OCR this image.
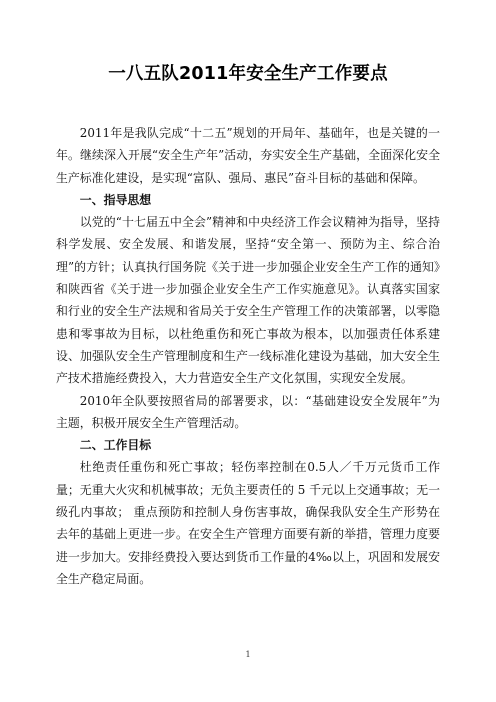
一八五队2011年安全生产工作要点

2011年是我队完成“十二五”规划的开局年、基础年，也是关键的一年。继续深入开展“安全生产年”活动，夯实安全生产基础，全面深化安全生产标准化建设，是实现“富队、强局、惠民”奋斗目标的基础和保障。

一、指导思想

以党的“十七届五中全会”精神和中央经济工作会议精神为指导，坚持科学发展、安全发展、和谐发展，坚持“安全第一、预防为主、综合治理”的方针；认真执行国务院《关于进一步加强企业安全生产工作的通知》和陕西省《关于进一步加强企业安全生产工作实施意见》。认真落实国家和行业的安全生产法规和省局关于安全生产管理工作的决策部署，以零隐患和零事故为目标，以杜绝重伤和死亡事故为根本，以加强责任体系建设、加强队安全生产管理制度和生产一线标准化建设为基础，加大安全生产技术措施经费投入，大力营造安全生产文化氛围，实现安全发展。

2010年全队要按照省局的部署要求，以：“基础建设安全发展年”为主题，积极开展安全生产管理活动。

二、工作目标

杜绝责任重伤和死亡事故；轻伤率控制在0.5人／千万元货币工作量；无重大火灾和机械事故；无负主要责任的 5 千元以上交通事故；无一级孔内事故； 重点预防和控制人身伤害事故，确保我队安全生产形势在去年的基础上更进一步。在安全生产管理方面要有新的举措，管理力度要进一步加大。安排经费投入要达到货币工作量的4‰以上，巩固和发展安全生产稳定局面。

1
